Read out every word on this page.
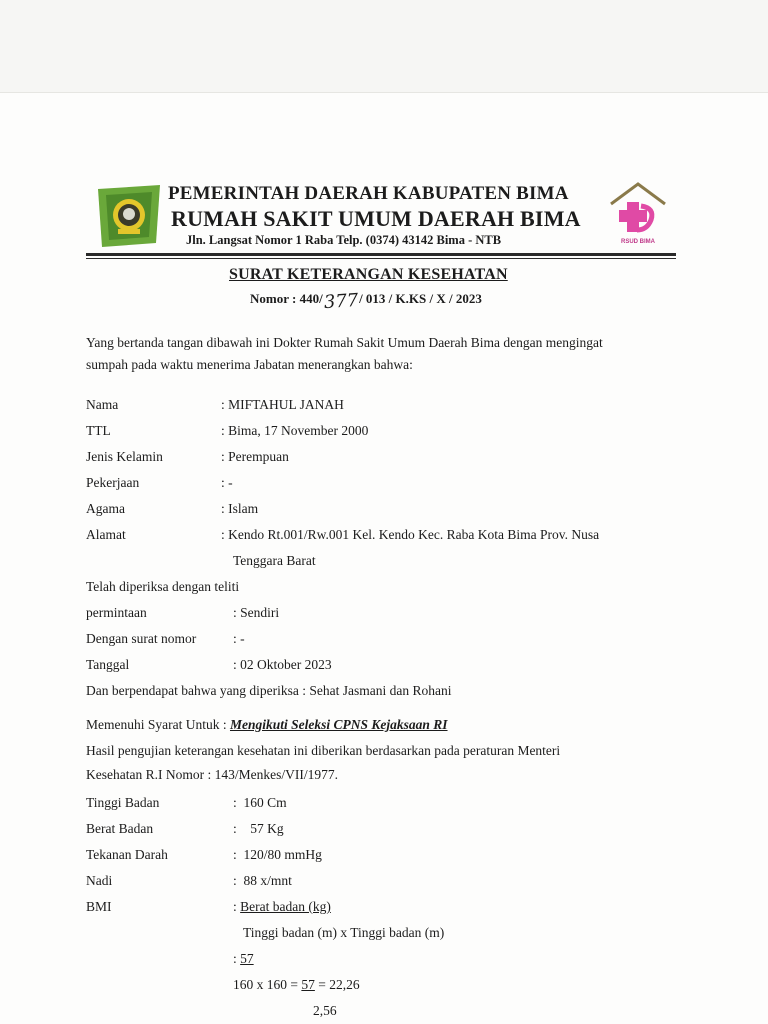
PEMERINTAH DAERAH KABUPATEN BIMA
RUMAH SAKIT UMUM DAERAH BIMA
Jln. Langsat Nomor 1 Raba Telp. (0374) 43142 Bima - NTB	RSUD BIMA
SURAT KETERANGAN KESEHATAN
Nomor : 440/377/ 013 / K.KS / X / 2023
Yang bertanda tangan dibawah ini Dokter Rumah Sakit Umum Daerah Bima dengan mengingat
sumpah pada waktu menerima Jabatan menerangkan bahwa:
Nama	: MIFTAHUL JANAH
TTL	: Bima, 17 November 2000
Jenis Kelamin	: Perempuan
Pekerjaan	: -
Agama	: Islam
Alamat	: Kendo Rt.001/Rw.001 Kel. Kendo Kec. Raba Kota Bima Prov. Nusa
Tenggara Barat
Telah diperiksa dengan teliti
permintaan	: Sendiri
Dengan surat nomor	: -
Tanggal	: 02 Oktober 2023
Dan berpendapat bahwa yang diperiksa : Sehat Jasmani dan Rohani
Memenuhi Syarat Untuk : Mengikuti Seleksi CPNS Kejaksaan RI
Hasil pengujian keterangan kesehatan ini diberikan berdasarkan pada peraturan Menteri
Kesehatan R.I Nomor : 143/Menkes/VII/1977.
Tinggi Badan	:  160 Cm
Berat Badan	:    57 Kg
Tekanan Darah	:  120/80 mmHg
Nadi	:  88 x/mnt
BMI	: Berat badan (kg)
Tinggi badan (m) x Tinggi badan (m)
: 57
160 x 160 = 57 = 22,26
2,56
